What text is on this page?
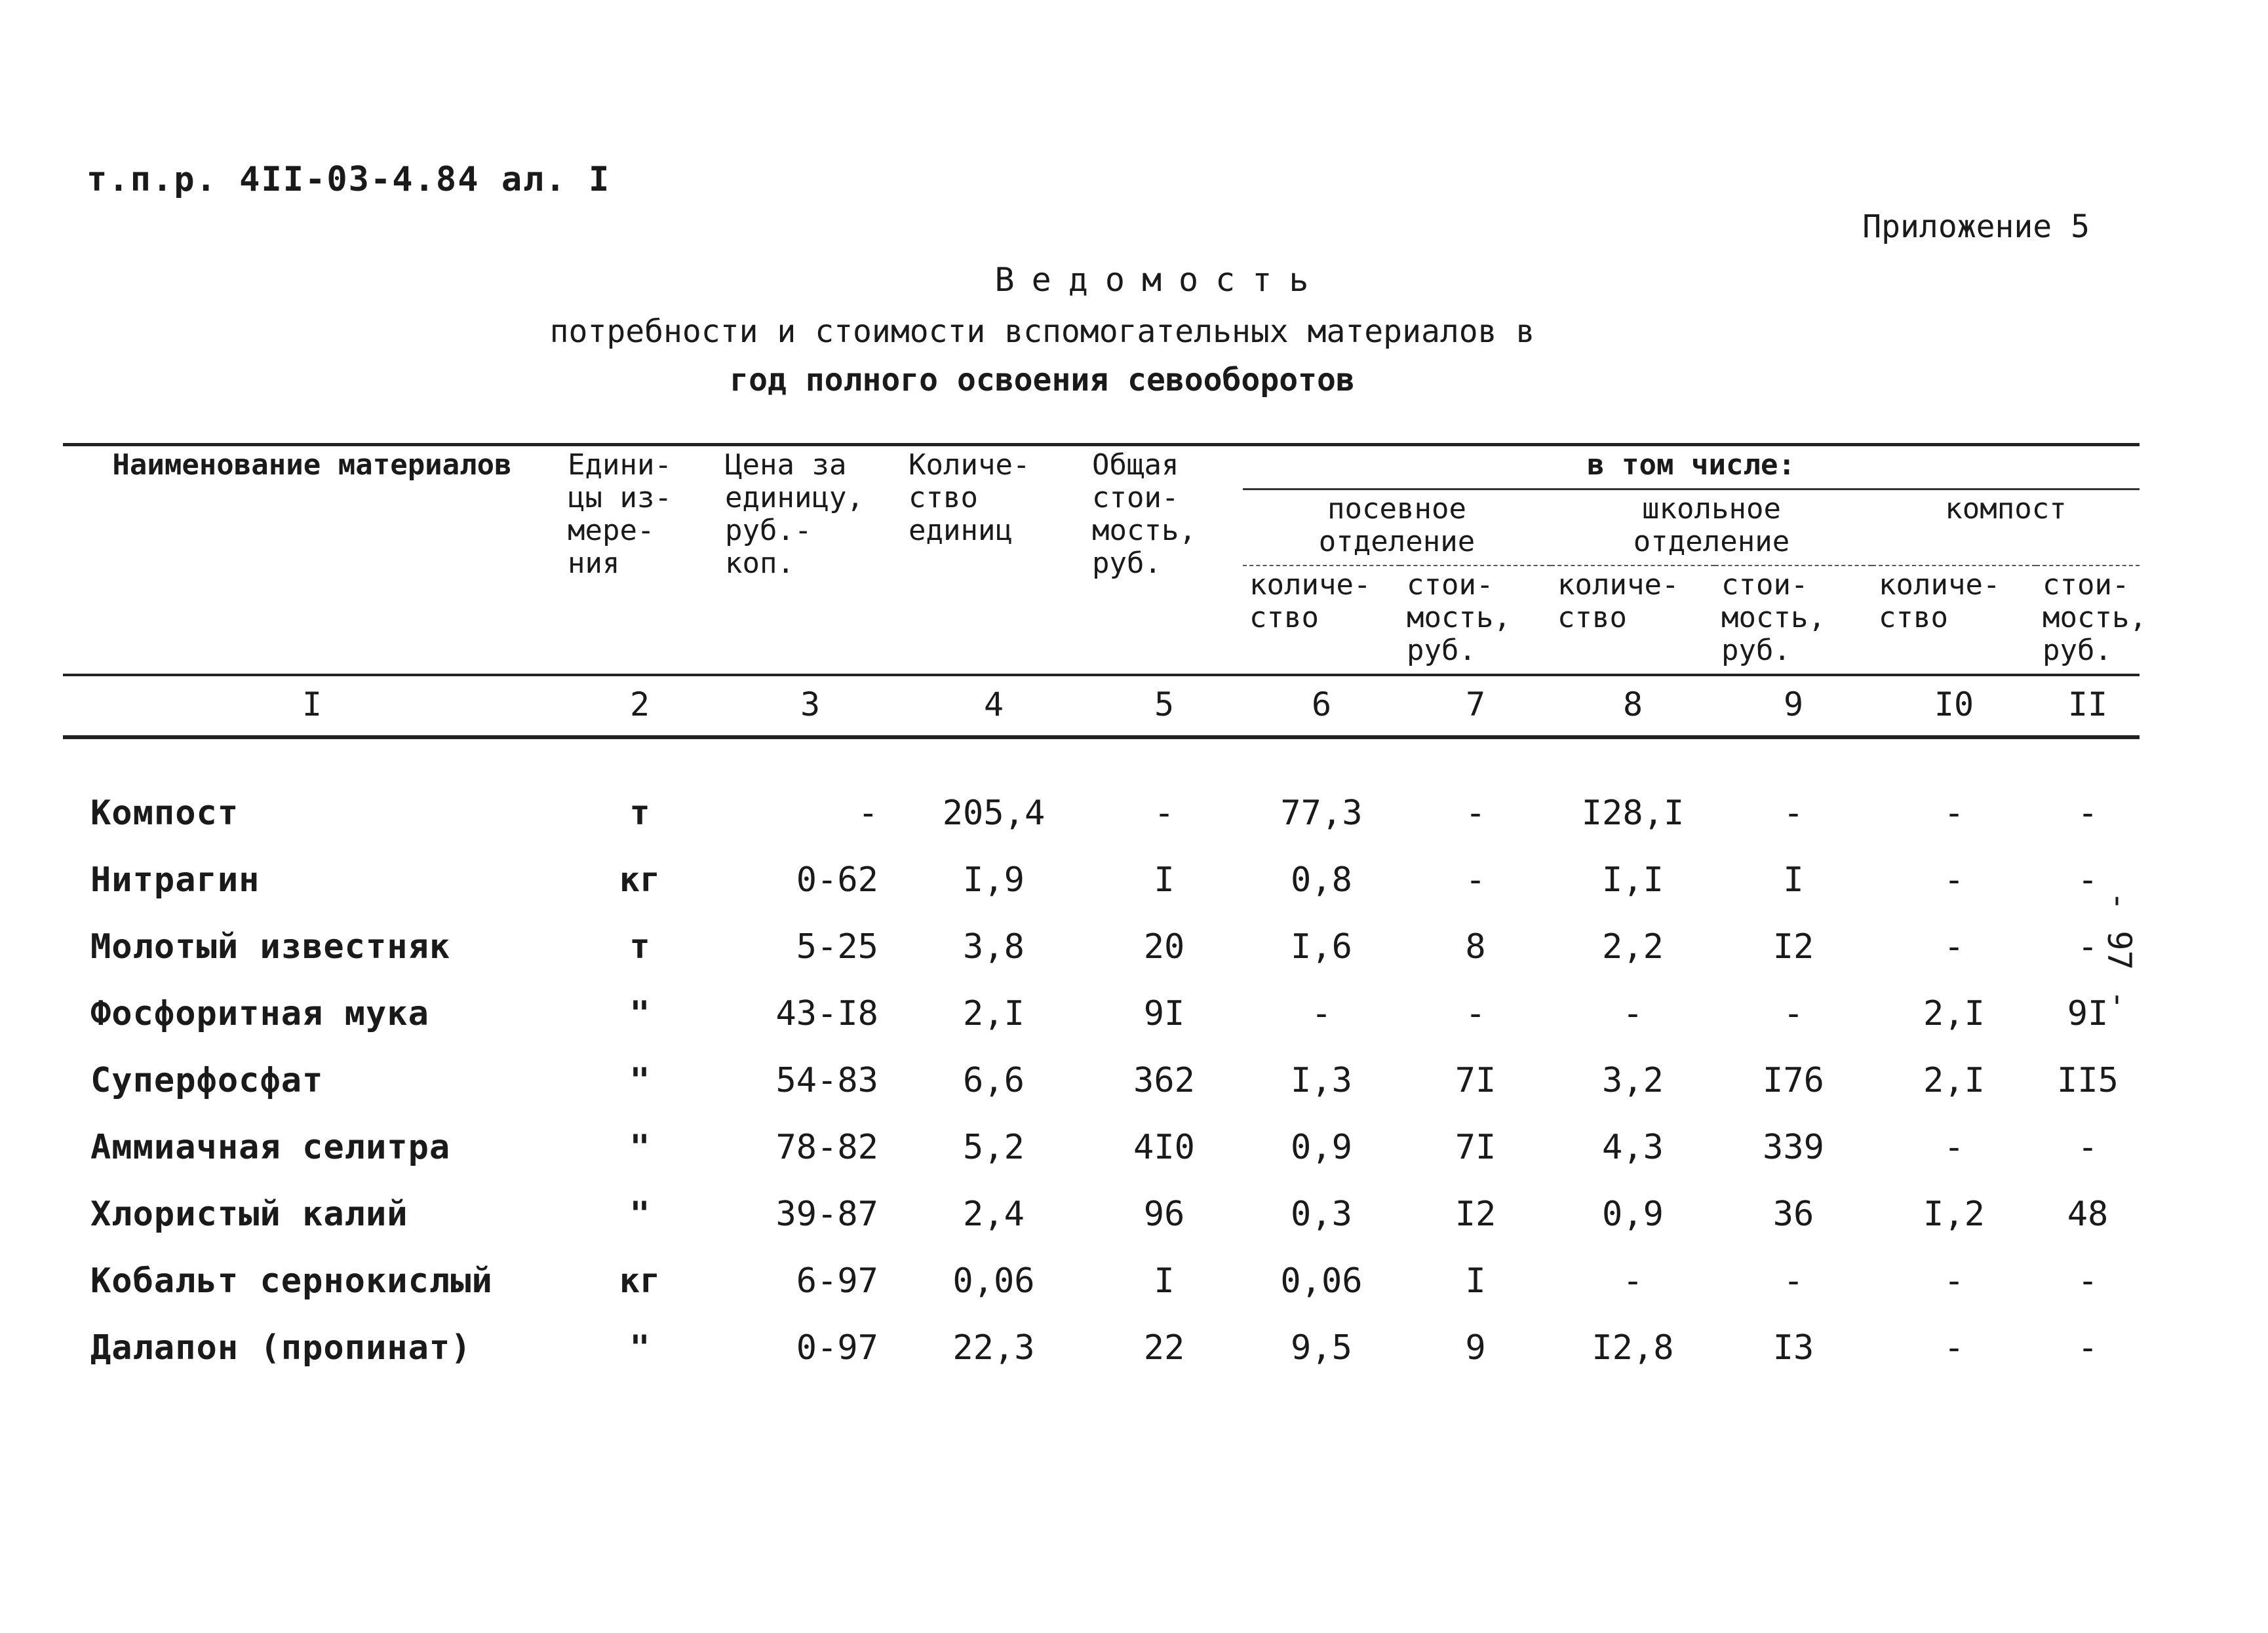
т.п.р. 4II-03-4.84 ал. I
Приложение 5
Ведомость
потребности и стоимости вспомогательных материалов в
год полного освоения севооборотов
Наименование материалов	Едини- цы из- мере- ния	Цена за единицу, руб.- коп.	Количе- ство единиц	Общая стои- мость, руб.	в том числе:					
					посевное отделение		школьное отделение		компост	
					количе- ство	стои- мость, руб.	количе- ство	стои- мость, руб.	количе- ство	стои- мость, руб.
I	2	3	4	5	6	7	8	9	I0	II

Компост	т	-	205,4	-	77,3	-	I28,I	-	-	-
Нитрагин	кг	0-62	I,9	I	0,8	-	I,I	I	-	-
Молотый известняк	т	5-25	3,8	20	I,6	8	2,2	I2	-	-
Фосфоритная мука	"	43-I8	2,I	9I	-	-	-	-	2,I	9I
Суперфосфат	"	54-83	6,6	362	I,3	7I	3,2	I76	2,I	II5
Аммиачная селитра	"	78-82	5,2	4I0	0,9	7I	4,3	339	-	-
Хлористый калий	"	39-87	2,4	96	0,3	I2	0,9	36	I,2	48
Кобальт сернокислый	кг	6-97	0,06	I	0,06	I	-	-	-	-
Далапон (пропинат)	"	0-97	22,3	22	9,5	9	I2,8	I3	-	-
- 97 -
